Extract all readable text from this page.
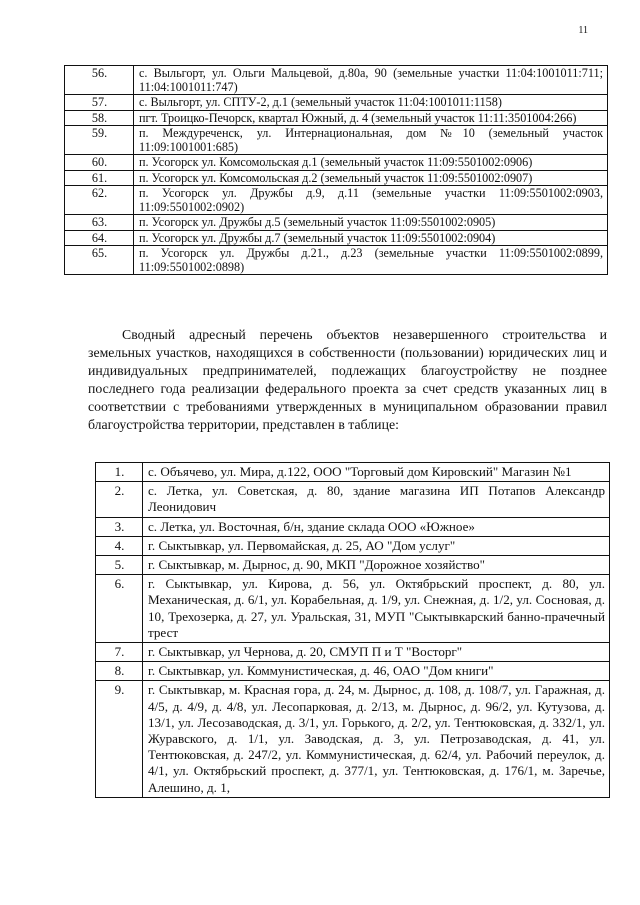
11
56.	с. Выльгорт, ул. Ольги Мальцевой, д.80а, 90 (земельные участки 11:04:1001011:711; 11:04:1001011:747)
57.	с. Выльгорт, ул. СПТУ-2, д.1 (земельный участок 11:04:1001011:1158)
58.	пгт. Троицко-Печорск, квартал Южный, д. 4 (земельный участок 11:11:3501004:266)
59.	п. Междуреченск, ул. Интернациональная, дом №10 (земельный участок 11:09:1001001:685)
60.	п. Усогорск ул. Комсомольская д.1 (земельный участок 11:09:5501002:0906)
61.	п. Усогорск ул. Комсомольская д.2 (земельный участок 11:09:5501002:0907)
62.	п. Усогорск ул. Дружбы д.9, д.11 (земельные участки 11:09:5501002:0903, 11:09:5501002:0902)
63.	п. Усогорск ул. Дружбы д.5 (земельный участок 11:09:5501002:0905)
64.	п. Усогорск ул. Дружбы д.7 (земельный участок 11:09:5501002:0904)
65.	п. Усогорск ул. Дружбы д.21., д.23 (земельные участки 11:09:5501002:0899, 11:09:5501002:0898)
Сводный адресный перечень объектов незавершенного строительства и земельных участков, находящихся в собственности (пользовании) юридических лиц и индивидуальных предпринимателей, подлежащих благоустройству не позднее последнего года реализации федерального проекта за счет средств указанных лиц в соответствии с требованиями утвержденных в муниципальном образовании правил благоустройства территории, представлен в таблице:
1.	с. Объячево, ул. Мира, д.122, ООО "Торговый дом Кировский" Магазин №1
2.	с. Летка, ул. Советская, д. 80, здание магазина ИП Потапов Александр Леонидович
3.	с. Летка, ул. Восточная, б/н, здание склада ООО «Южное»
4.	г. Сыктывкар, ул. Первомайская, д. 25, АО "Дом услуг"
5.	г. Сыктывкар, м. Дырнос, д. 90, МКП "Дорожное хозяйство"
6.	г. Сыктывкар, ул. Кирова, д. 56, ул. Октябрьский проспект, д. 80, ул. Механическая, д. 6/1, ул. Корабельная, д. 1/9, ул. Снежная, д. 1/2, ул. Сосновая, д. 10, Трехозерка, д. 27, ул. Уральская, 31, МУП "Сыктывкарский банно-прачечный трест
7.	г. Сыктывкар, ул Чернова, д. 20, СМУП П и Т "Восторг"
8.	г. Сыктывкар, ул. Коммунистическая, д. 46, ОАО "Дом книги"
9.	г. Сыктывкар, м. Красная гора, д. 24, м. Дырнос, д. 108, д. 108/7, ул. Гаражная, д. 4/5, д. 4/9, д. 4/8, ул. Лесопарковая, д. 2/13, м. Дырнос, д. 96/2, ул. Кутузова, д. 13/1, ул. Лесозаводская, д. 3/1, ул. Горького, д. 2/2, ул. Тентюковская, д. 332/1, ул. Журавского, д. 1/1, ул. Заводская, д. 3, ул. Петрозаводская, д. 41, ул. Тентюковская, д. 247/2, ул. Коммунистическая, д. 62/4, ул. Рабочий переулок, д. 4/1, ул. Октябрьский проспект, д. 377/1, ул. Тентюковская, д. 176/1, м. Заречье, Алешино, д. 1,
